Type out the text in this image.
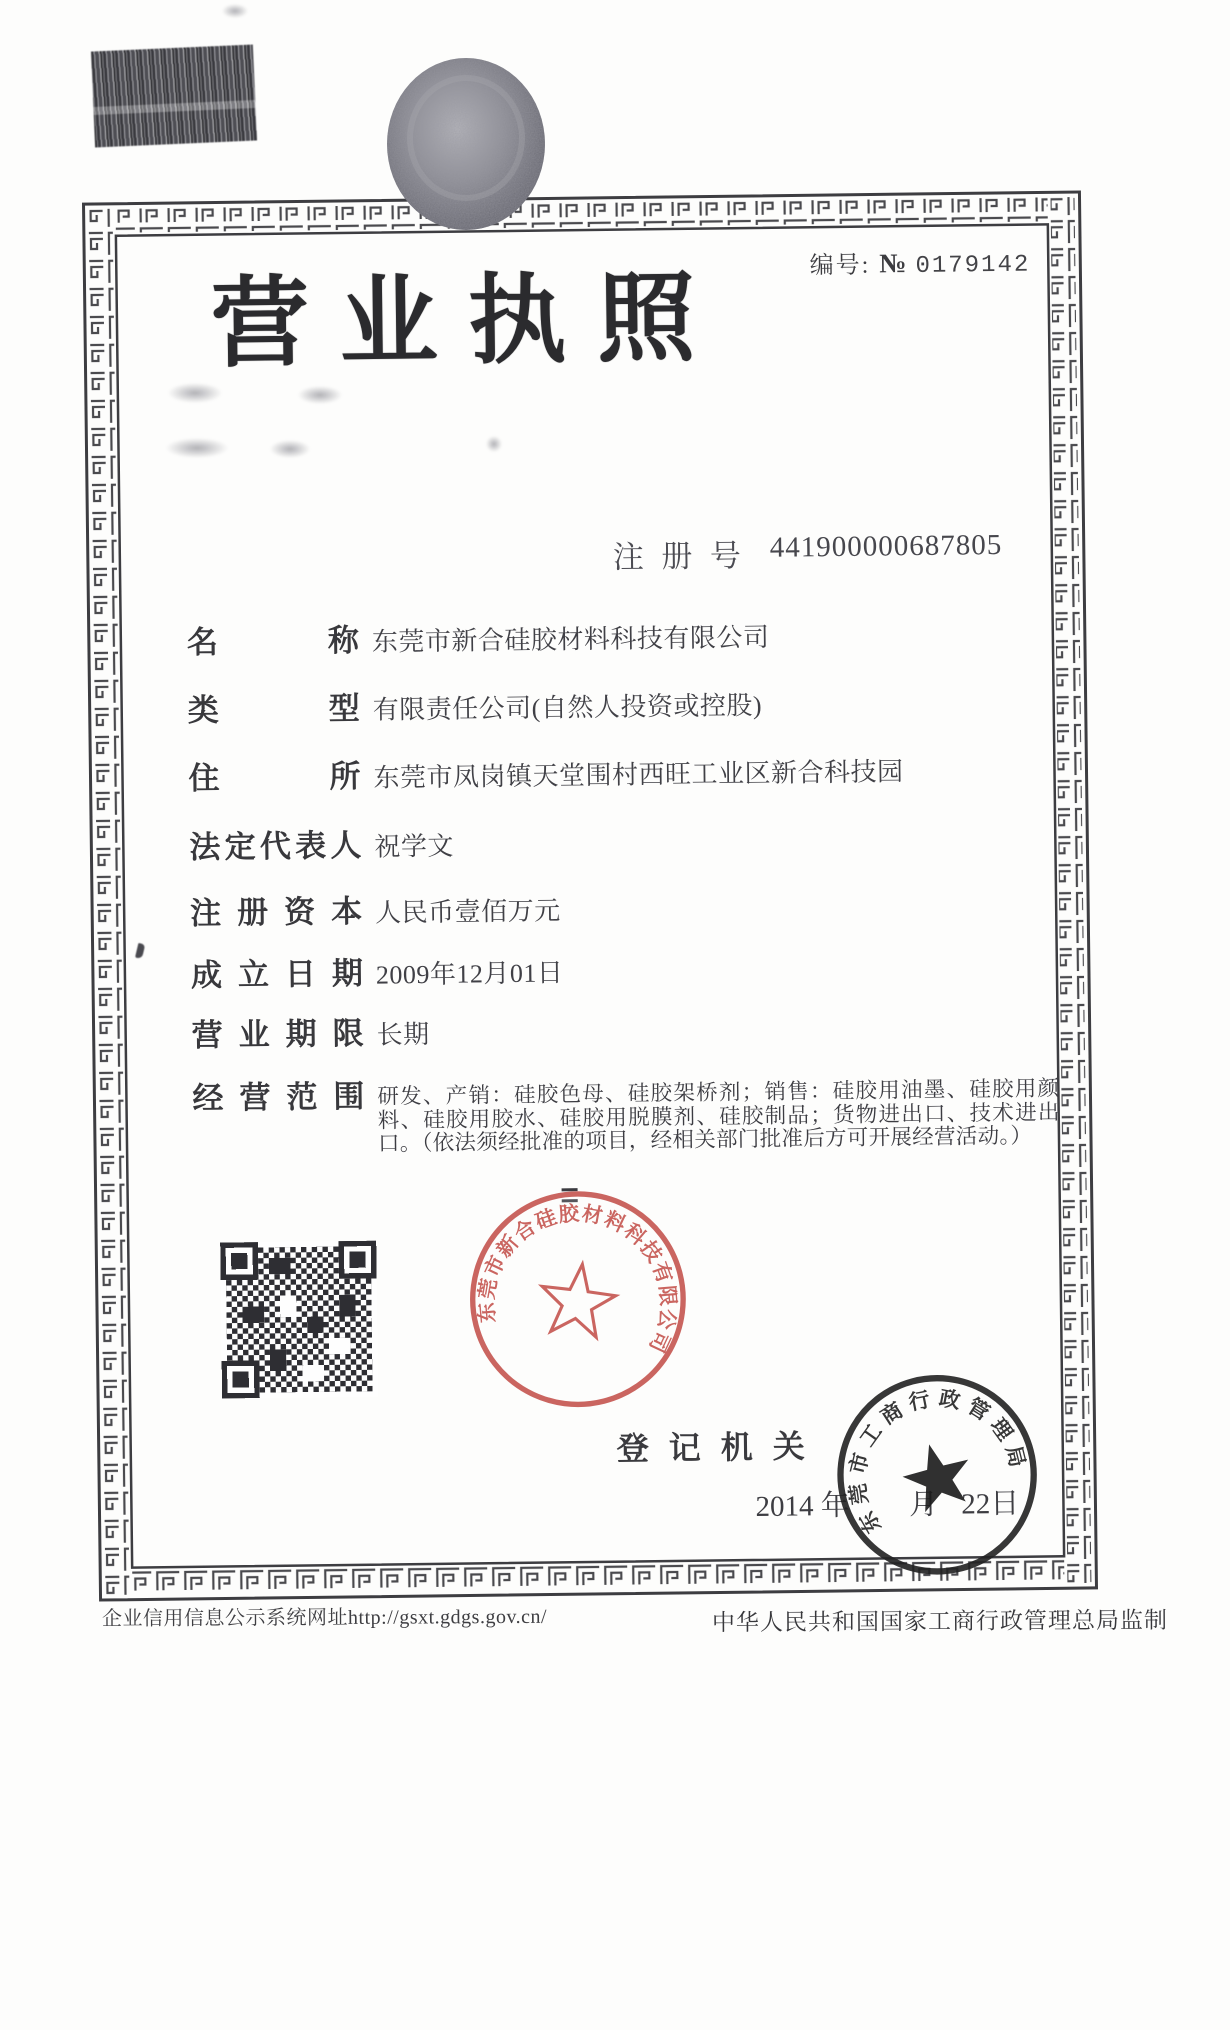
编号: № 0179142
营 业 执 照
注 册 号 441900000687805
名	称 东莞市新合硅胶材料科技有限公司
类	型 有限责任公司(自然人投资或控股)
住	所 东莞市凤岗镇天堂围村西旺工业区新合科技园
法 定 代 表 人 祝学文
注 册 资 本 人民币壹佰万元
成 立 日 期 2009年12月01日
营 业 期 限 长期
经 营 范 围 研发、产销：硅胶色母、硅胶架桥剂；销售：硅胶用油墨、硅胶用颜料、硅胶用胶水、硅胶用脱膜剂、硅胶制品；货物进出口、技术进出口。（依法须经批准的项目，经相关部门批准后方可开展经营活动。）
东莞市新合硅胶材料科技有限公司
登 记 机 关
2014 年 月 22日
东莞市工商行政管理局
企业信用信息公示系统网址http://gsxt.gdgs.gov.cn/	中华人民共和国国家工商行政管理总局监制
